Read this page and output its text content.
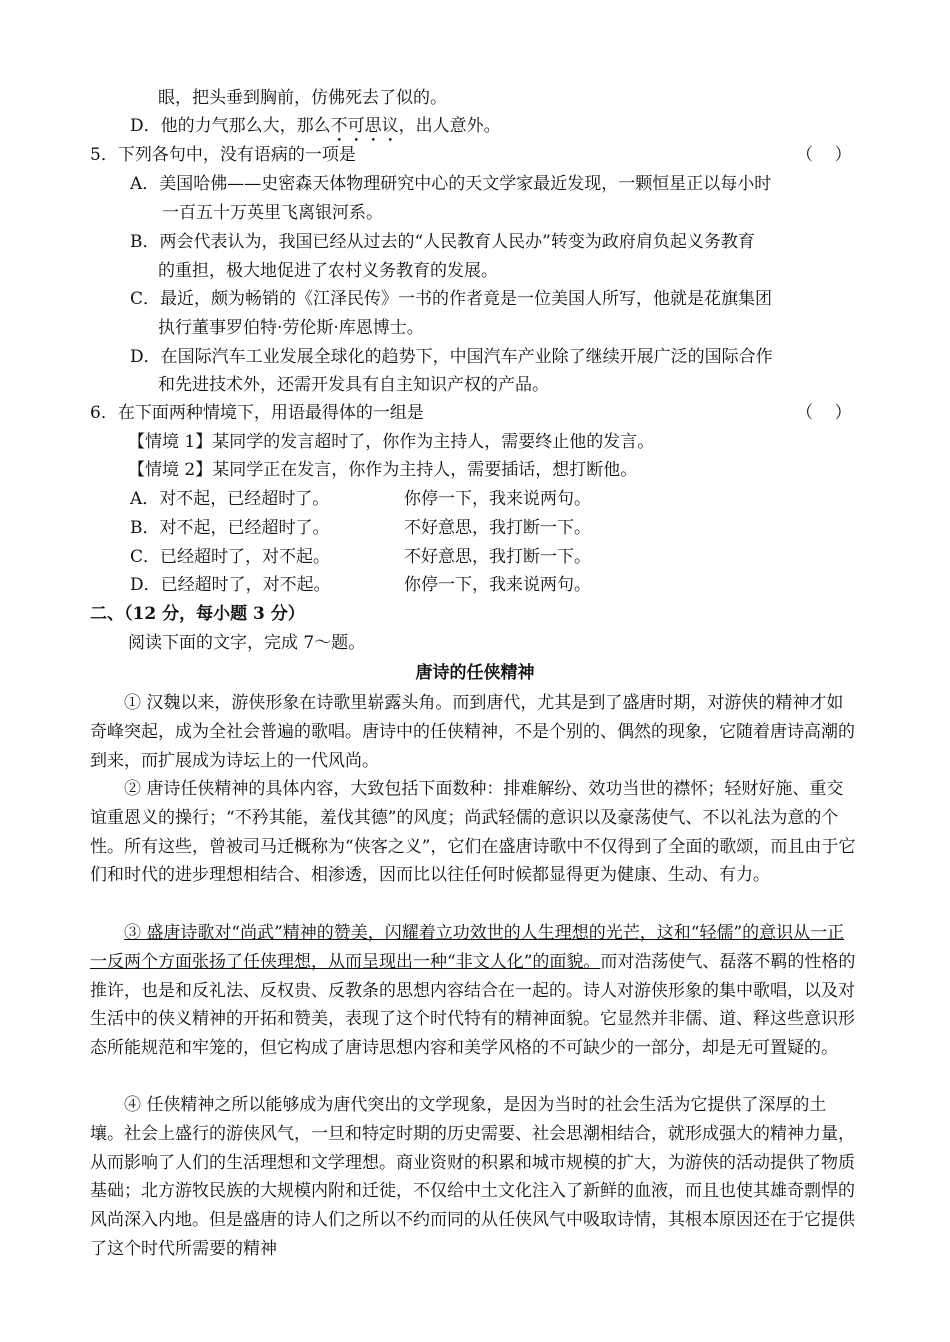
眼，把头垂到胸前，仿佛死去了似的。
D．他的力气那么大，那么不可思议，出人意外。
5．下列各句中，没有语病的一项是	（    ）
A．美国哈佛——史密森天体物理研究中心的天文学家最近发现，一颗恒星正以每小时
一百五十万英里飞离银河系。
B．两会代表认为，我国已经从过去的“人民教育人民办”转变为政府肩负起义务教育
的重担，极大地促进了农村义务教育的发展。
C．最近，颇为畅销的《江泽民传》一书的作者竟是一位美国人所写，他就是花旗集团
执行董事罗伯特·劳伦斯·库恩博士。
D．在国际汽车工业发展全球化的趋势下，中国汽车产业除了继续开展广泛的国际合作
和先进技术外，还需开发具有自主知识产权的产品。
6．在下面两种情境下，用语最得体的一组是	（    ）
【情境 1】某同学的发言超时了，你作为主持人，需要终止他的发言。
【情境 2】某同学正在发言，你作为主持人，需要插话，想打断他。
A．对不起，已经超时了。	你停一下，我来说两句。
B．对不起，已经超时了。	不好意思，我打断一下。
C．已经超时了，对不起。	不好意思，我打断一下。
D．已经超时了，对不起。	你停一下，我来说两句。
二、（12 分，每小题 3 分）
阅读下面的文字，完成 7～题。
唐诗的任侠精神
① 汉魏以来，游侠形象在诗歌里崭露头角。而到唐代，尤其是到了盛唐时期，对游侠的精神才如奇峰突起，成为全社会普遍的歌唱。唐诗中的任侠精神，不是个别的、偶然的现象，它随着唐诗高潮的到来，而扩展成为诗坛上的一代风尚。
② 唐诗任侠精神的具体内容，大致包括下面数种：排难解纷、效功当世的襟怀；轻财好施、重交谊重恩义的操行；“不矜其能，羞伐其德”的风度；尚武轻儒的意识以及豪荡使气、不以礼法为意的个性。所有这些，曾被司马迁概称为“侠客之义”，它们在盛唐诗歌中不仅得到了全面的歌颂，而且由于它们和时代的进步理想相结合、相渗透，因而比以往任何时候都显得更为健康、生动、有力。
③ 盛唐诗歌对“尚武”精神的赞美，闪耀着立功效世的人生理想的光芒，这和“轻儒”的意识从一正一反两个方面张扬了任侠理想，从而呈现出一种“非文人化”的面貌。而对浩荡使气、磊落不羁的性格的推许，也是和反礼法、反权贵、反教条的思想内容结合在一起的。诗人对游侠形象的集中歌唱，以及对生活中的侠义精神的开拓和赞美，表现了这个时代特有的精神面貌。它显然并非儒、道、释这些意识形态所能规范和牢笼的，但它构成了唐诗思想内容和美学风格的不可缺少的一部分，却是无可置疑的。
④ 任侠精神之所以能够成为唐代突出的文学现象，是因为当时的社会生活为它提供了深厚的土壤。社会上盛行的游侠风气，一旦和特定时期的历史需要、社会思潮相结合，就形成强大的精神力量，从而影响了人们的生活理想和文学理想。商业资财的积累和城市规模的扩大，为游侠的活动提供了物质基础；北方游牧民族的大规模内附和迁徙，不仅给中土文化注入了新鲜的血液，而且也使其雄奇剽悍的风尚深入内地。但是盛唐的诗人们之所以不约而同的从任侠风气中吸取诗情，其根本原因还在于它提供了这个时代所需要的精神
